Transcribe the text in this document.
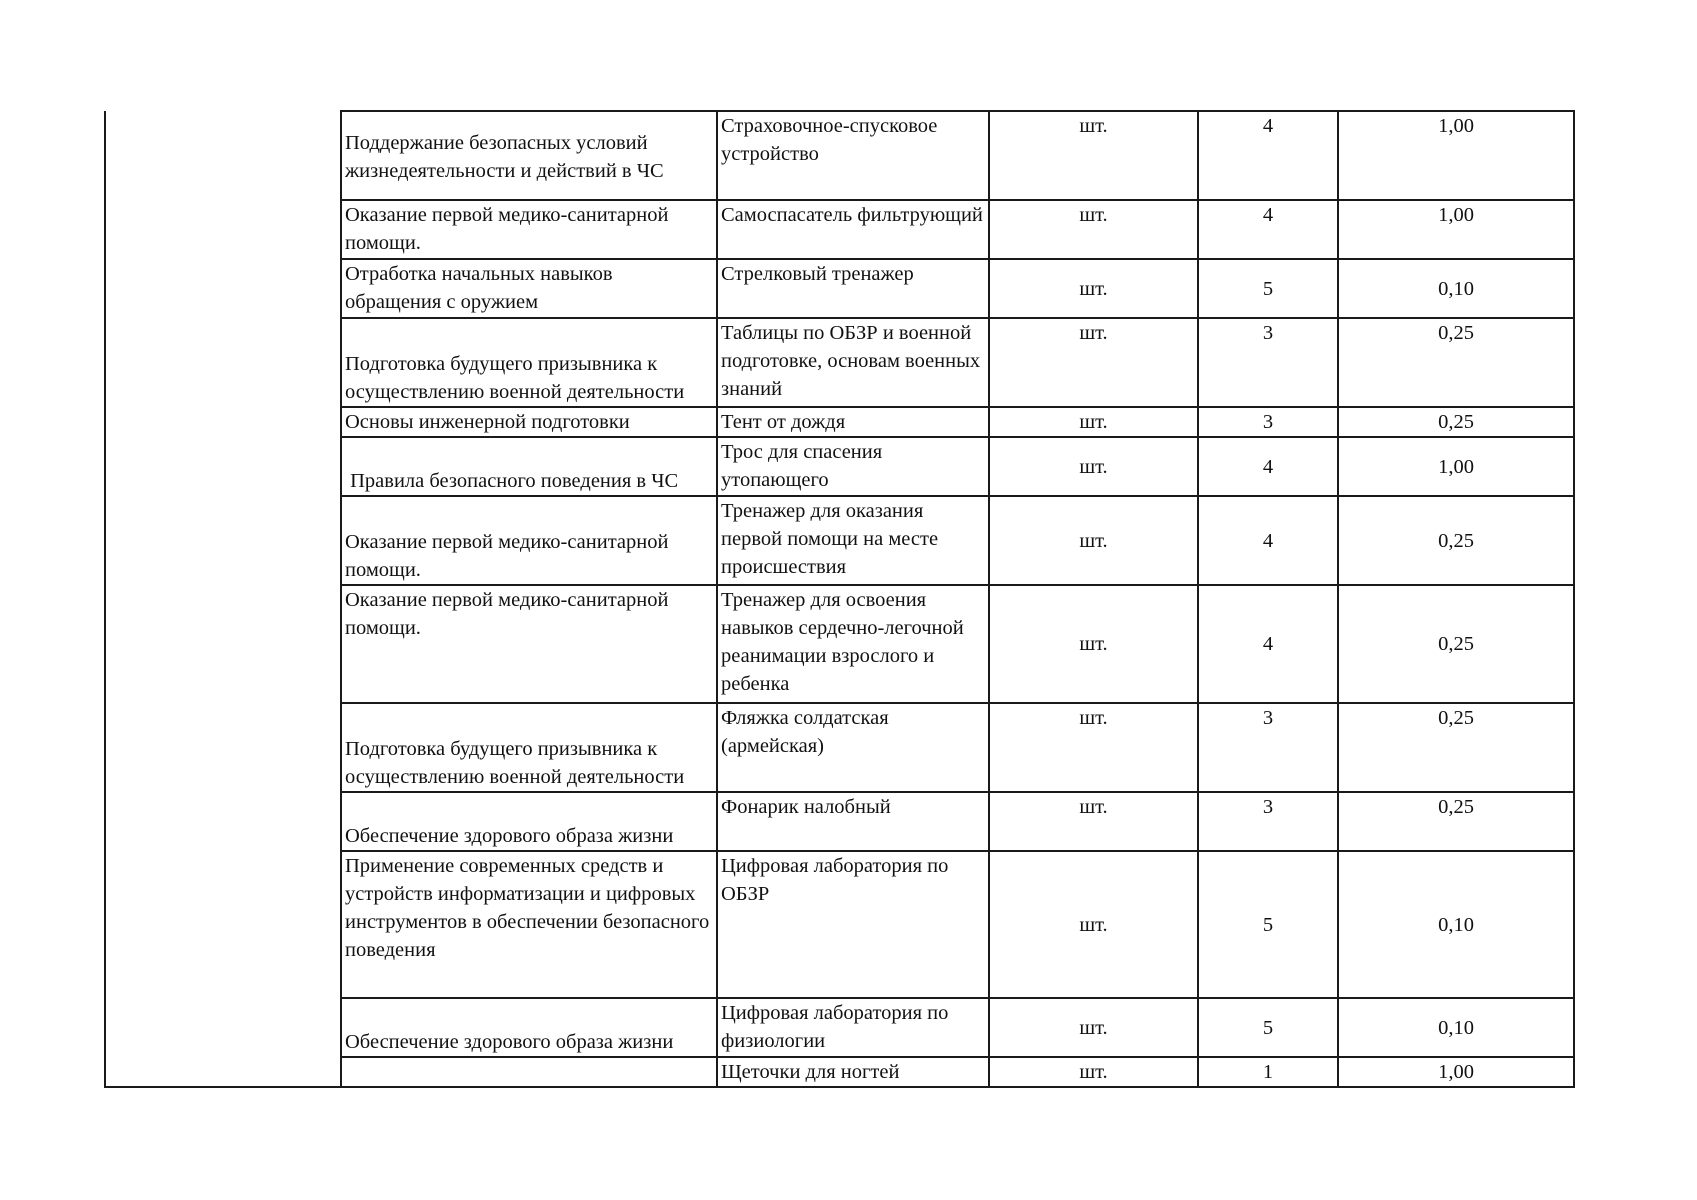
	Поддержание безопасных условий жизнедеятельности и действий в ЧС	Страховочное-спусковое устройство	шт.	4	1,00
	Оказание первой медико-санитарной помощи.	Самоспасатель фильтрующий	шт.	4	1,00
	Отработка начальных навыков обращения с оружием	Стрелковый тренажер	шт.	5	0,10
	Подготовка будущего призывника к осуществлению военной деятельности	Таблицы по ОБЗР и военной подготовке, основам военных знаний	шт.	3	0,25
	Основы инженерной подготовки	Тент от дождя	шт.	3	0,25
	Правила безопасного поведения в ЧС	Трос для спасения утопающего	шт.	4	1,00
	Оказание первой медико-санитарной помощи.	Тренажер для оказания первой помощи на месте происшествия	шт.	4	0,25
	Оказание первой медико-санитарной помощи.	Тренажер для освоения навыков сердечно-легочной реанимации взрослого и ребенка	шт.	4	0,25
	Подготовка будущего призывника к осуществлению военной деятельности	Фляжка солдатская (армейская)	шт.	3	0,25
	Обеспечение здорового образа жизни	Фонарик налобный	шт.	3	0,25
	Применение современных средств и устройств информатизации и цифровых инструментов в обеспечении безопасного поведения	Цифровая лаборатория по ОБЗР	шт.	5	0,10
	Обеспечение здорового образа жизни	Цифровая лаборатория по физиологии	шт.	5	0,10
		Щеточки для ногтей	шт.	1	1,00
